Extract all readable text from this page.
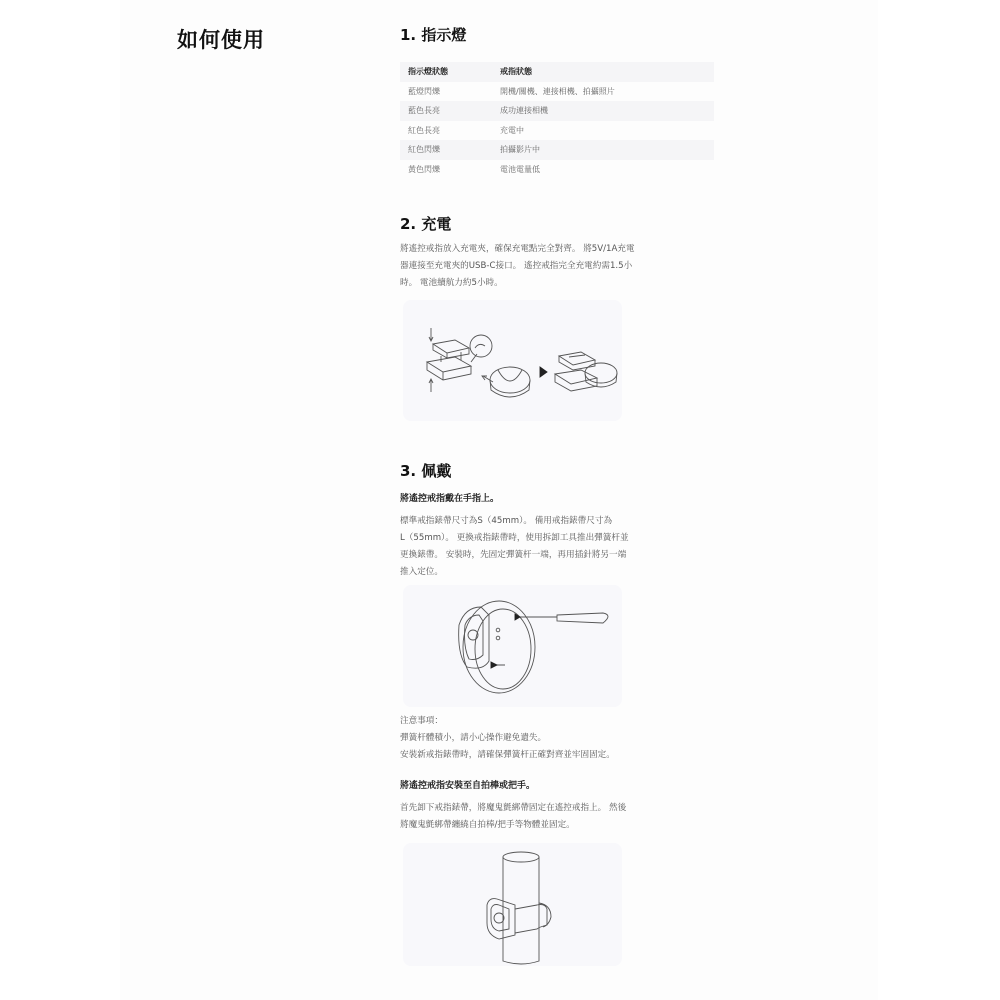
如何使用	1. 指示燈
指示燈狀態	戒指狀態
藍燈閃爍	開機/關機、連接相機、拍攝照片
藍色長亮	成功連接相機
紅色長亮	充電中
紅色閃爍	拍攝影片中
黃色閃爍	電池電量低
2. 充電
將遙控戒指放入充電夾，確保充電點完全對齊。 將5V/1A充電
器連接至充電夾的USB-C接口。 遙控戒指完全充電約需1.5小
時。 電池續航力約5小時。
3. 佩戴
將遙控戒指戴在手指上。
標準戒指錶帶尺寸為S（45mm）。 備用戒指錶帶尺寸為
L（55mm）。 更換戒指錶帶時，使用拆卸工具推出彈簧杆並
更換錶帶。 安裝時，先固定彈簧杆一端，再用插針將另一端
推入定位。
注意事項：
彈簧杆體積小，請小心操作避免遺失。
安裝新戒指錶帶時，請確保彈簧杆正確對齊並牢固固定。
將遙控戒指安裝至自拍棒或把手。
首先卸下戒指錶帶，將魔鬼氈綁帶固定在遙控戒指上。 然後
將魔鬼氈綁帶纏繞自拍棒/把手等物體並固定。
